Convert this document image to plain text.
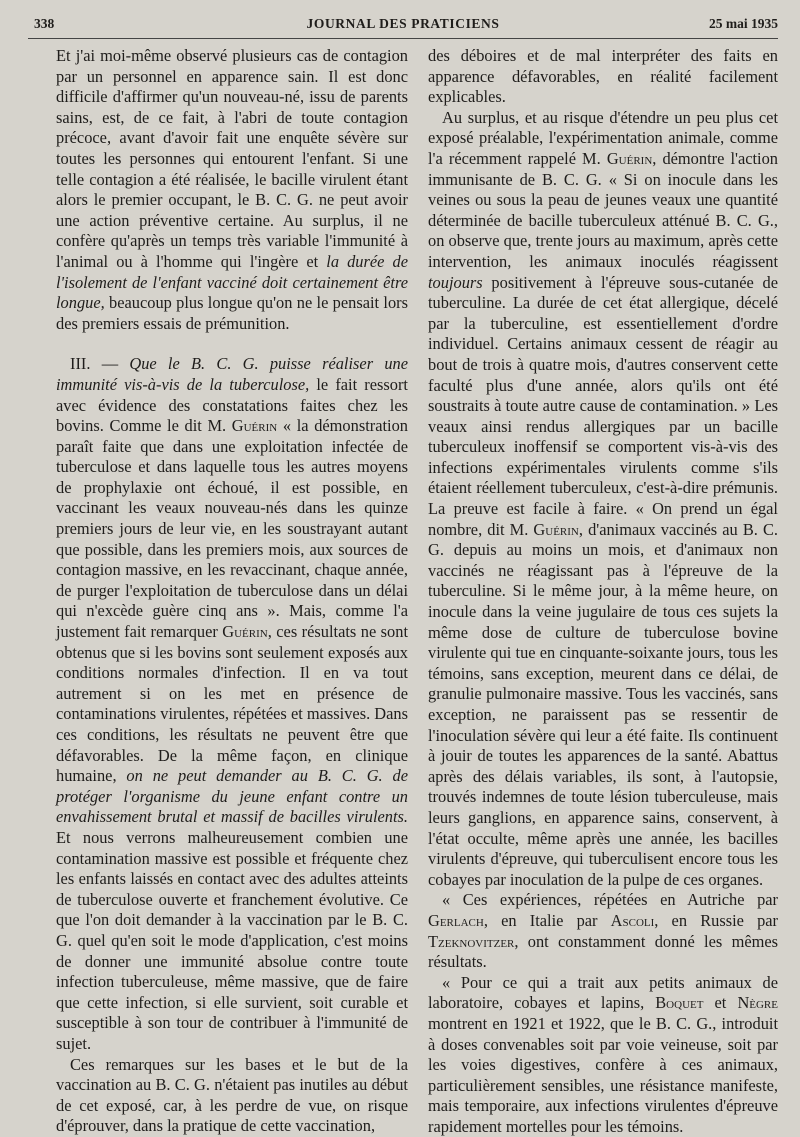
338	JOURNAL DES PRATICIENS	25 mai 1935

Et j'ai moi-même observé plusieurs cas de contagion par un personnel en apparence sain. Il est donc difficile d'affirmer qu'un nouveau-né, issu de parents sains, est, de ce fait, à l'abri de toute contagion précoce, avant d'avoir fait une enquête sévère sur toutes les personnes qui entourent l'enfant. Si une telle contagion a été réalisée, le bacille virulent étant alors le premier occupant, le B. C. G. ne peut avoir une action préventive certaine. Au surplus, il ne confère qu'après un temps très variable l'immunité à l'animal ou à l'homme qui l'ingère et la durée de l'isolement de l'enfant vacciné doit certainement être longue, beaucoup plus longue qu'on ne le pensait lors des premiers essais de prémunition.

III. — Que le B. C. G. puisse réaliser une immunité vis-à-vis de la tuberculose, le fait ressort avec évidence des constatations faites chez les bovins. Comme le dit M. Guérin « la démonstration paraît faite que dans une exploitation infectée de tuberculose et dans laquelle tous les autres moyens de prophylaxie ont échoué, il est possible, en vaccinant les veaux nouveau-nés dans les quinze premiers jours de leur vie, en les soustrayant autant que possible, dans les premiers mois, aux sources de contagion massive, en les revaccinant, chaque année, de purger l'exploitation de tuberculose dans un délai qui n'excède guère cinq ans ». Mais, comme l'a justement fait remarquer Guérin, ces résultats ne sont obtenus que si les bovins sont seulement exposés aux conditions normales d'infection. Il en va tout autrement si on les met en présence de contaminations virulentes, répétées et massives. Dans ces conditions, les résultats ne peuvent être que défavorables. De la même façon, en clinique humaine, on ne peut demander au B. C. G. de protéger l'organisme du jeune enfant contre un envahissement brutal et massif de bacilles virulents. Et nous verrons malheureusement combien une contamination massive est possible et fréquente chez les enfants laissés en contact avec des adultes atteints de tuberculose ouverte et franchement évolutive. Ce que l'on doit demander à la vaccination par le B. C. G. quel qu'en soit le mode d'application, c'est moins de donner une immunité absolue contre toute infection tuberculeuse, même massive, que de faire que cette infection, si elle survient, soit curable et susceptible à son tour de contribuer à l'immunité de sujet.

Ces remarques sur les bases et le but de la vaccination au B. C. G. n'étaient pas inutiles au début de cet exposé, car, à les perdre de vue, on risque d'éprouver, dans la pratique de cette vaccination,

des déboires et de mal interpréter des faits en apparence défavorables, en réalité facilement explicables.

Au surplus, et au risque d'étendre un peu plus cet exposé préalable, l'expérimentation animale, comme l'a récemment rappelé M. Guérin, démontre l'action immunisante de B. C. G. « Si on inocule dans les veines ou sous la peau de jeunes veaux une quantité déterminée de bacille tuberculeux atténué B. C. G., on observe que, trente jours au maximum, après cette intervention, les animaux inoculés réagissent toujours positivement à l'épreuve sous-cutanée de tuberculine. La durée de cet état allergique, décelé par la tuberculine, est essentiellement d'ordre individuel. Certains animaux cessent de réagir au bout de trois à quatre mois, d'autres conservent cette faculté plus d'une année, alors qu'ils ont été soustraits à toute autre cause de contamination. » Les veaux ainsi rendus allergiques par un bacille tuberculeux inoffensif se comportent vis-à-vis des infections expérimentales virulents comme s'ils étaient réellement tuberculeux, c'est-à-dire prémunis. La preuve est facile à faire. « On prend un égal nombre, dit M. Guérin, d'animaux vaccinés au B. C. G. depuis au moins un mois, et d'animaux non vaccinés ne réagissant pas à l'épreuve de la tuberculine. Si le même jour, à la même heure, on inocule dans la veine jugulaire de tous ces sujets la même dose de culture de tuberculose bovine virulente qui tue en cinquante-soixante jours, tous les témoins, sans exception, meurent dans ce délai, de granulie pulmonaire massive. Tous les vaccinés, sans exception, ne paraissent pas se ressentir de l'inoculation sévère qui leur a été faite. Ils continuent à jouir de toutes les apparences de la santé. Abattus après des délais variables, ils sont, à l'autopsie, trouvés indemnes de toute lésion tuberculeuse, mais leurs ganglions, en apparence sains, conservent, à l'état occulte, même après une année, les bacilles virulents d'épreuve, qui tuberculisent encore tous les cobayes par inoculation de la pulpe de ces organes.

« Ces expériences, répétées en Autriche par Gerlach, en Italie par Ascoli, en Russie par Tzeknovitzer, ont constamment donné les mêmes résultats.

« Pour ce qui a trait aux petits animaux de laboratoire, cobayes et lapins, Boquet et Nègre montrent en 1921 et 1922, que le B. C. G., introduit à doses convenables soit par voie veineuse, soit par les voies digestives, confère à ces animaux, particulièrement sensibles, une résistance manifeste, mais temporaire, aux infections virulentes d'épreuve rapidement mortelles pour les témoins.
